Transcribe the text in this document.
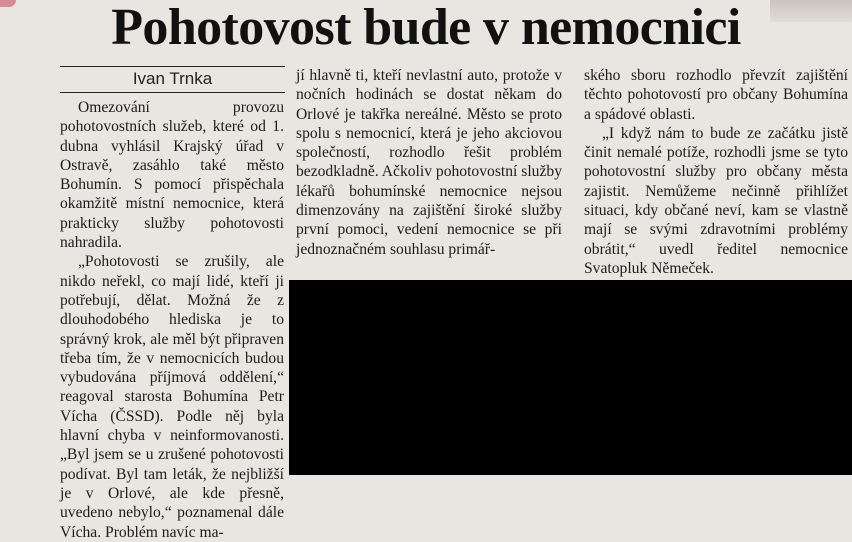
Pohotovost bude v nemocnici
Ivan Trnka

Omezování provozu pohotovostních služeb, které od 1. dubna vyhlásil Krajský úřad v Ostravě, zasáhlo také město Bohumín. S pomocí přispěchala okamžitě místní nemocnice, která prakticky služby pohotovosti nahradila.

„Pohotovosti se zrušily, ale nikdo neřekl, co mají lidé, kteří ji potřebují, dělat. Možná že z dlouhodobého hlediska je to správný krok, ale měl být připraven třeba tím, že v nemocnicích budou vybudována příjmová oddělení,“ reagoval starosta Bohumína Petr Vícha (ČSSD). Podle něj byla hlavní chyba v neinformovanosti. „Byl jsem se u zrušené pohotovosti podívat. Byl tam leták, že nejbližší je v Orlové, ale kde přesně, uvedeno nebylo,“ poznamenal dále Vícha. Problém navíc ma-

jí hlavně ti, kteří nevlastní auto, protože v nočních hodinách se dostat někam do Orlové je takřka nereálné. Město se proto spolu s nemocnicí, která je jeho akciovou společností, rozhodlo řešit problém bezodkladně. Ačkoliv pohotovostní služby lékařů bohumínské nemocnice nejsou dimenzovány na zajištění široké služby první pomoci, vedení nemocnice se při jednoznačném souhlasu primář-

ského sboru rozhodlo převzít zajištění těchto pohotovostí pro občany Bohumína a spádové oblasti.

„I když nám to bude ze začátku jistě činit nemalé potíže, rozhodli jsme se tyto pohotovostní služby pro občany města zajistit. Nemůžeme nečinně přihlížet situaci, kdy občané neví, kam se vlastně mají se svými zdravotními problémy obrátit,“ uvedl ředitel nemocnice Svatopluk Němeček.
